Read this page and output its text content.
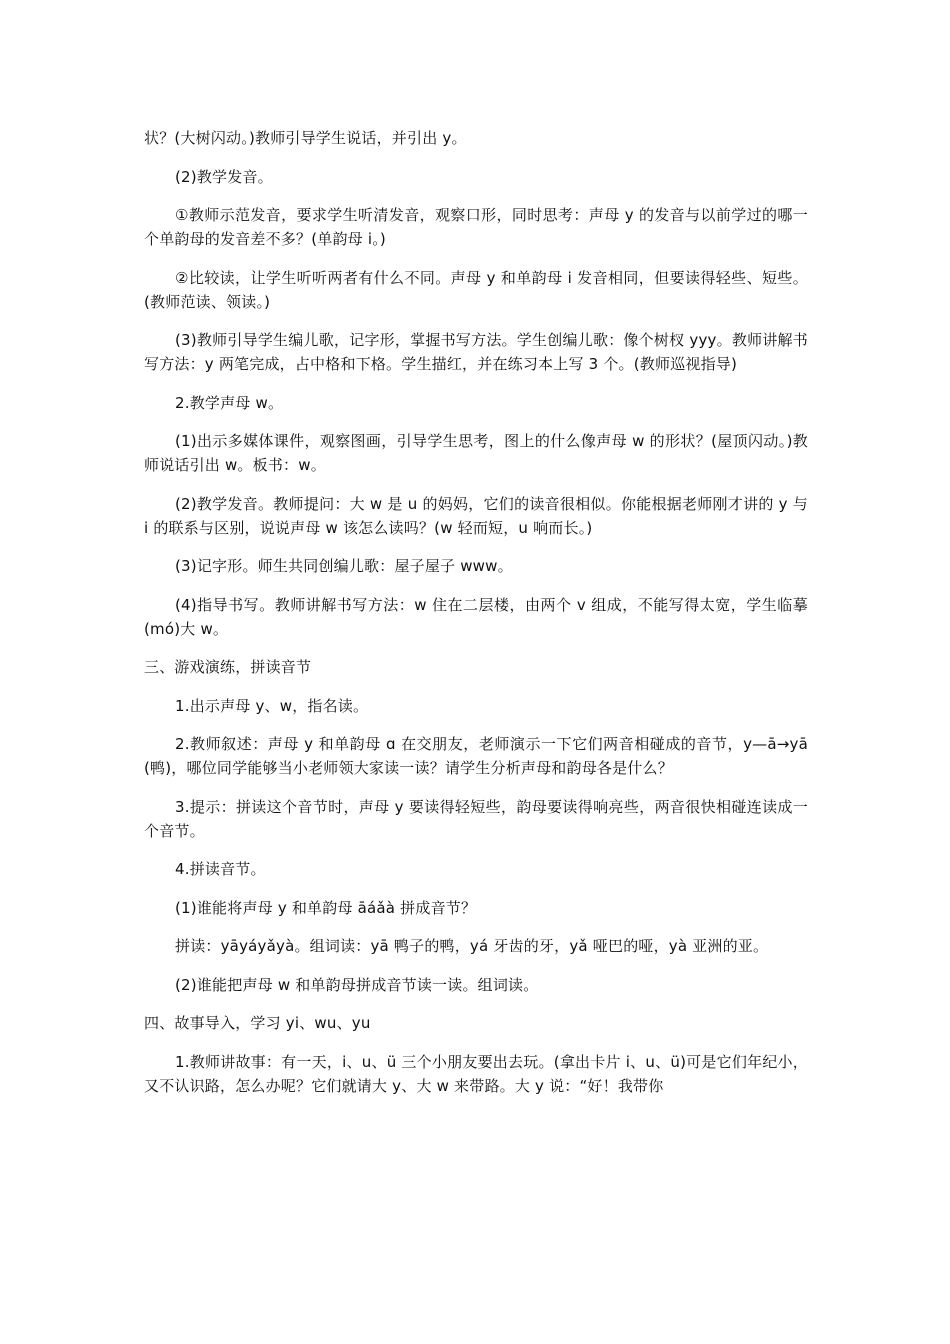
状？(大树闪动。)教师引导学生说话，并引出 y。

(2)教学发音。

①教师示范发音，要求学生听清发音，观察口形，同时思考：声母 y 的发音与以前学过的哪一个单韵母的发音差不多？(单韵母 i。)

②比较读，让学生听听两者有什么不同。声母 y 和单韵母 i 发音相同，但要读得轻些、短些。(教师范读、领读。)

(3)教师引导学生编儿歌，记字形，掌握书写方法。学生创编儿歌：像个树杈 yyy。教师讲解书写方法：y 两笔完成，占中格和下格。学生描红，并在练习本上写 3 个。(教师巡视指导)

2.教学声母 w。

(1)出示多媒体课件，观察图画，引导学生思考，图上的什么像声母 w 的形状？(屋顶闪动。)教师说话引出 w。板书：w。

(2)教学发音。教师提问：大 w 是 u 的妈妈，它们的读音很相似。你能根据老师刚才讲的 y 与 i 的联系与区别，说说声母 w 该怎么读吗？(w 轻而短，u 响而长。)

(3)记字形。师生共同创编儿歌：屋子屋子 www。

(4)指导书写。教师讲解书写方法：w 住在二层楼，由两个 v 组成，不能写得太宽，学生临摹(mó)大 w。

三、游戏演练，拼读音节

1.出示声母 y、w，指名读。

2.教师叙述：声母 y 和单韵母 ɑ 在交朋友，老师演示一下它们两音相碰成的音节，y—ā→yā(鸭)，哪位同学能够当小老师领大家读一读？请学生分析声母和韵母各是什么？

3.提示：拼读这个音节时，声母 y 要读得轻短些，韵母要读得响亮些，两音很快相碰连读成一个音节。

4.拼读音节。

(1)谁能将声母 y 和单韵母 āáǎà 拼成音节？

拼读：yāyáyǎyà。组词读：yā 鸭子的鸭，yá 牙齿的牙，yǎ 哑巴的哑，yà 亚洲的亚。

(2)谁能把声母 w 和单韵母拼成音节读一读。组词读。

四、故事导入，学习 yi、wu、yu

1.教师讲故事：有一天，i、u、ü 三个小朋友要出去玩。(拿出卡片 i、u、ü)可是它们年纪小，又不认识路，怎么办呢？它们就请大 y、大 w 来带路。大 y 说：“好！我带你
